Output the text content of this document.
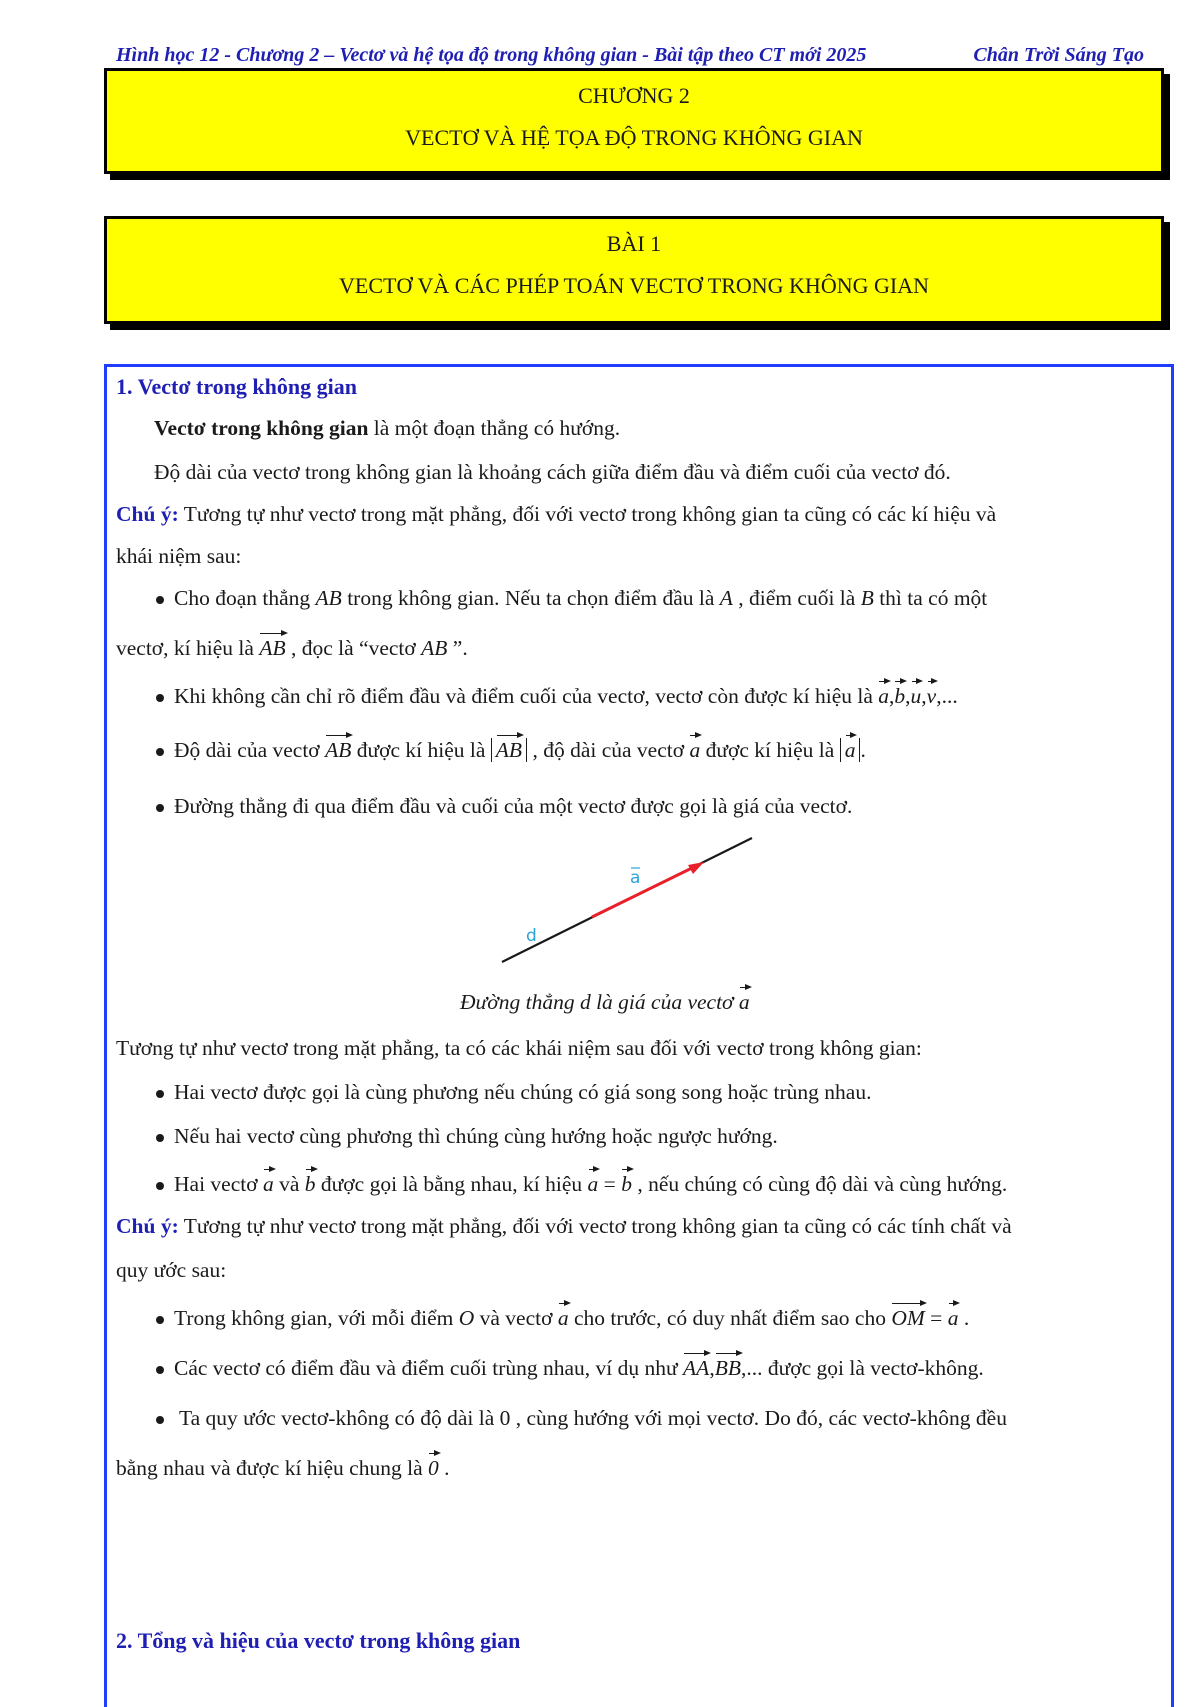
Hình học 12 - Chương 2 – Vectơ và hệ tọa độ trong không gian - Bài tập theo CT mới 2025	Chân Trời Sáng Tạo
CHƯƠNG 2
VECTƠ VÀ HỆ TỌA ĐỘ TRONG KHÔNG GIAN
BÀI 1
VECTƠ VÀ CÁC PHÉP TOÁN VECTƠ TRONG KHÔNG GIAN
1. Vectơ trong không gian
Vectơ trong không gian là một đoạn thẳng có hướng.
Độ dài của vectơ trong không gian là khoảng cách giữa điểm đầu và điểm cuối của vectơ đó.
Chú ý: Tương tự như vectơ trong mặt phẳng, đối với vectơ trong không gian ta cũng có các kí hiệu và
khái niệm sau:
Cho đoạn thẳng AB trong không gian. Nếu ta chọn điểm đầu là A , điểm cuối là B thì ta có một
vectơ, kí hiệu là AB , đọc là “vectơ AB ”.
Khi không cần chỉ rõ điểm đầu và điểm cuối của vectơ, vectơ còn được kí hiệu là a,b,u,v,...
Độ dài của vectơ AB được kí hiệu là AB , độ dài của vectơ a được kí hiệu là a .
Đường thẳng đi qua điểm đầu và cuối của một vectơ được gọi là giá của vectơ.
a
d
Đường thẳng d là giá của vectơ a
Tương tự như vectơ trong mặt phẳng, ta có các khái niệm sau đối với vectơ trong không gian:
Hai vectơ được gọi là cùng phương nếu chúng có giá song song hoặc trùng nhau.
Nếu hai vectơ cùng phương thì chúng cùng hướng hoặc ngược hướng.
Hai vectơ a và b được gọi là bằng nhau, kí hiệu a = b , nếu chúng có cùng độ dài và cùng hướng.
Chú ý: Tương tự như vectơ trong mặt phẳng, đối với vectơ trong không gian ta cũng có các tính chất và
quy ước sau:
Trong không gian, với mỗi điểm O và vectơ a cho trước, có duy nhất điểm sao cho OM = a .
Các vectơ có điểm đầu và điểm cuối trùng nhau, ví dụ như AA,BB,... được gọi là vectơ-không.
Ta quy ước vectơ-không có độ dài là 0 , cùng hướng với mọi vectơ. Do đó, các vectơ-không đều
bằng nhau và được kí hiệu chung là 0 .
2. Tổng và hiệu của vectơ trong không gian
